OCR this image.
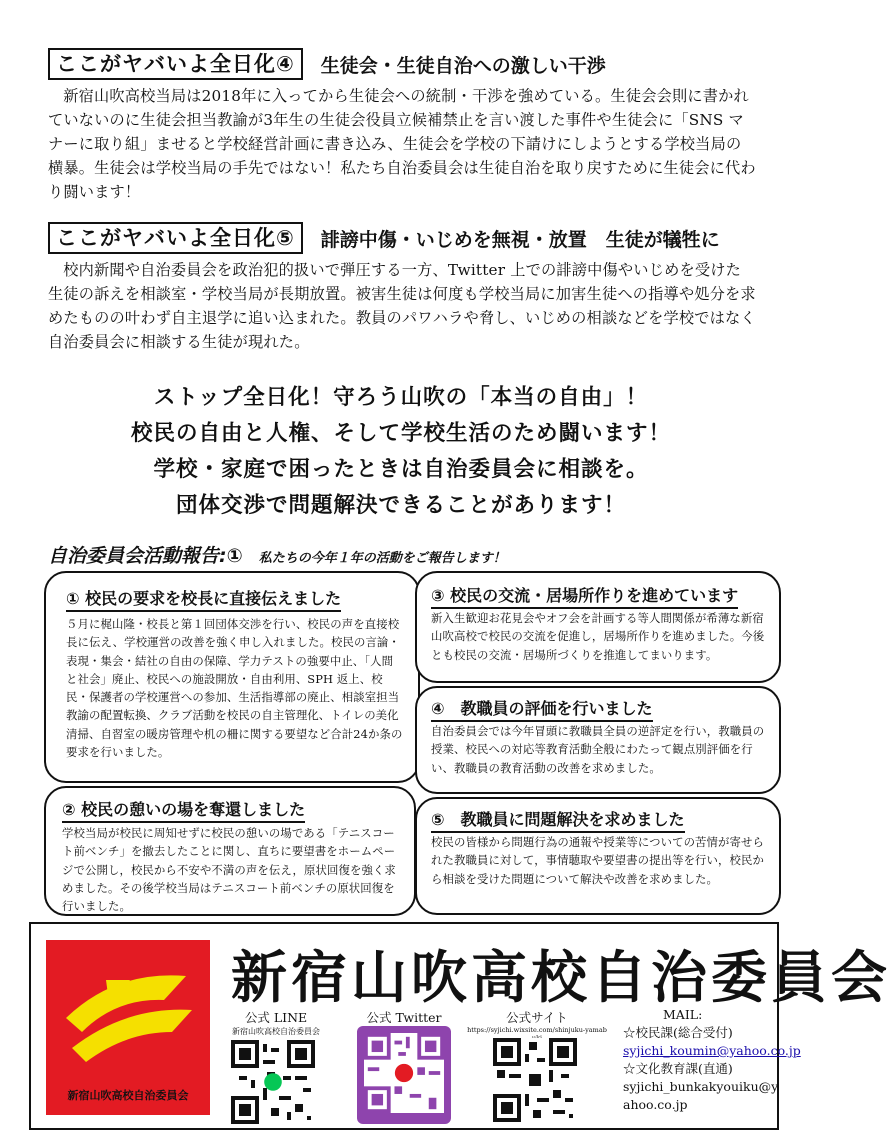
ここがヤバいよ全日化④	生徒会・生徒自治への激しい干渉

新宿山吹高校当局は2018年に入ってから生徒会への統制・干渉を強めている。生徒会会則に書かれていないのに生徒会担当教諭が3年生の生徒会役員立候補禁止を言い渡した事件や生徒会に「SNS マナーに取り組」ませると学校経営計画に書き込み、生徒会を学校の下請けにしようとする学校当局の横暴。生徒会は学校当局の手先ではない！私たち自治委員会は生徒自治を取り戻すために生徒会に代わり闘います！

ここがヤバいよ全日化⑤	誹謗中傷・いじめを無視・放置　生徒が犠牲に

校内新聞や自治委員会を政治犯的扱いで弾圧する一方、Twitter 上での誹謗中傷やいじめを受けた生徒の訴えを相談室・学校当局が長期放置。被害生徒は何度も学校当局に加害生徒への指導や処分を求めたものの叶わず自主退学に追い込まれた。教員のパワハラや脅し、いじめの相談などを学校ではなく自治委員会に相談する生徒が現れた。

ストップ全日化！守ろう山吹の「本当の自由」！
校民の自由と人権、そして学校生活のため闘います！
学校・家庭で困ったときは自治委員会に相談を。
団体交渉で問題解決できることがあります！
自治委員会活動報告:① 私たちの今年１年の活動をご報告します！
① 校民の要求を校長に直接伝えました

５月に梶山隆・校長と第１回団体交渉を行い、校民の声を直接校長に伝え、学校運営の改善を強く申し入れました。校民の言論・表現・集会・結社の自由の保障、学力テストの強要中止、「人間と社会」廃止、校民への施設開放・自由利用、SPH 返上、校民・保護者の学校運営への参加、生活指導部の廃止、相談室担当教諭の配置転換、クラブ活動を校民の自主管理化、トイレの美化清掃、自習室の暖房管理や机の柵に関する要望など合計24か条の要求を行いました。

② 校民の憩いの場を奪還しました

学校当局が校民に周知せずに校民の憩いの場である「テニスコート前ベンチ」を撤去したことに関し、直ちに要望書をホームページで公開し，校民から不安や不満の声を伝え，原状回復を強く求めました。その後学校当局はテニスコート前ベンチの原状回復を行いました。

③ 校民の交流・居場所作りを進めています

新入生歓迎お花見会やオフ会を計画する等人間関係が希薄な新宿山吹高校で校民の交流を促進し，居場所作りを進めました。今後とも校民の交流・居場所づくりを推進してまいります。

④　教職員の評価を行いました

自治委員会では今年冒頭に教職員全員の逆評定を行い，教職員の授業、校民への対応等教育活動全般にわたって観点別評価を行い、教職員の教育活動の改善を求めました。

⑤　教職員に問題解決を求めました

校民の皆様から問題行為の通報や授業等についての苦情が寄せられた教職員に対して，事情聴取や要望書の提出等を行い，校民から相談を受けた問題について解決や改善を求めました。

新宿山吹高校自治委員会
新宿山吹高校自治委員会
公式 LINE
新宿山吹高校自治委員会
公式 Twitter	公式サイト
https://syjichi.wixsite.com/shinjuku-yamab
MAIL:
☆校民課(総合受付)
syjichi_koumin@yahoo.co.jp
☆文化教育課(直通)
syjichi_bunkakyouiku@yahoo.co.jp
